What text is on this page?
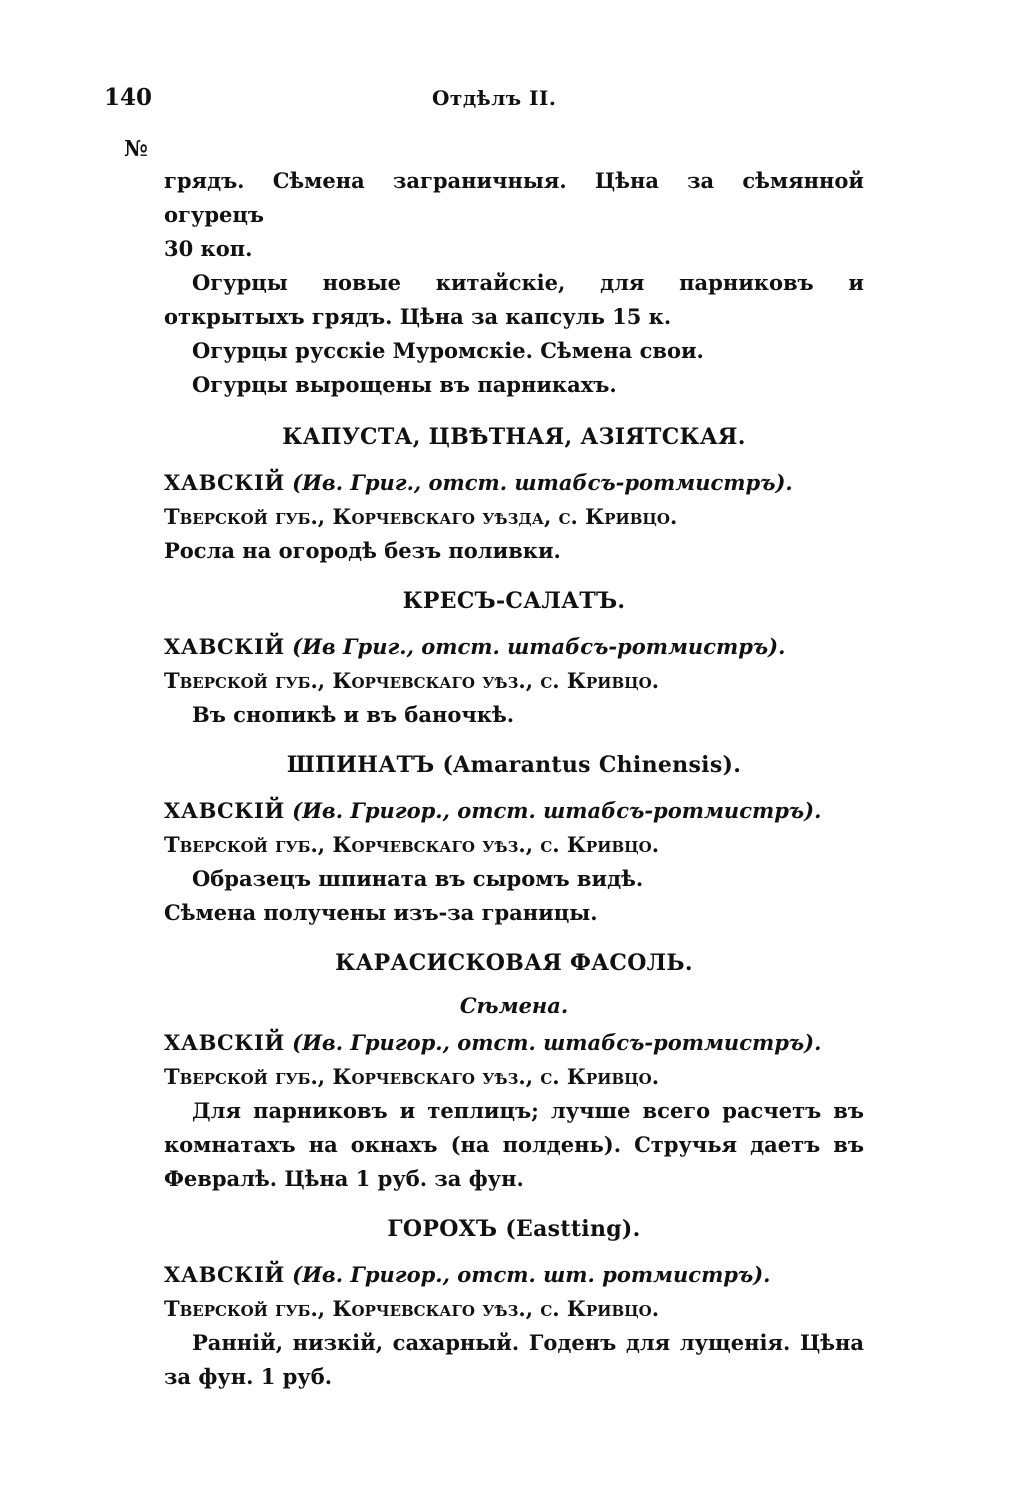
140	Отдѣлъ II.
№

грядъ. Сѣмена заграничныя. Цѣна за сѣмянной огурецъ
30 коп.

Огурцы новые китайскіе, для парниковъ и открытыхъ грядъ. Цѣна за капсуль 15 к.

Огурцы русскіе Муромскіе. Сѣмена свои.

Огурцы вырощены въ парникахъ.

КАПУСТА, ЦВѢТНАЯ, АЗІЯТСКАЯ.

ХАВСКІЙ (Ив. Григ., отст. штабсъ-ротмистръ).

Тверской губ., Корчевскаго уѣзда, с. Кривцо.

Росла на огородѣ безъ поливки.

КРЕСЪ-САЛАТЪ.

ХАВСКІЙ (Ив Григ., отст. штабсъ-ротмистръ).

Тверской губ., Корчевскаго уѣз., с. Кривцо.

Въ снопикѣ и въ баночкѣ.

ШПИНАТЪ (Amarantus Chinensis).

ХАВСКІЙ (Ив. Григор., отст. штабсъ-ротмистръ).

Тверской губ., Корчевскаго уѣз., с. Кривцо.

Образецъ шпината въ сыромъ видѣ.

Сѣмена получены изъ-за границы.

КАРАСИСКОВАЯ ФАСОЛЬ.
Сѣмена.

ХАВСКІЙ (Ив. Григор., отст. штабсъ-ротмистръ).

Тверской губ., Корчевскаго уѣз., с. Кривцо.

Для парниковъ и теплицъ; лучше всего расчетъ въ комнатахъ на окнахъ (на полдень). Стручья даетъ въ Февралѣ. Цѣна 1 руб. за фун.

ГОРОХЪ (Eastting).

ХАВСКІЙ (Ив. Григор., отст. шт. ротмистръ).

Тверской губ., Корчевскаго уѣз., с. Кривцо.

Ранній, низкій, сахарный. Годенъ для лущенія. Цѣна за фун. 1 руб.
